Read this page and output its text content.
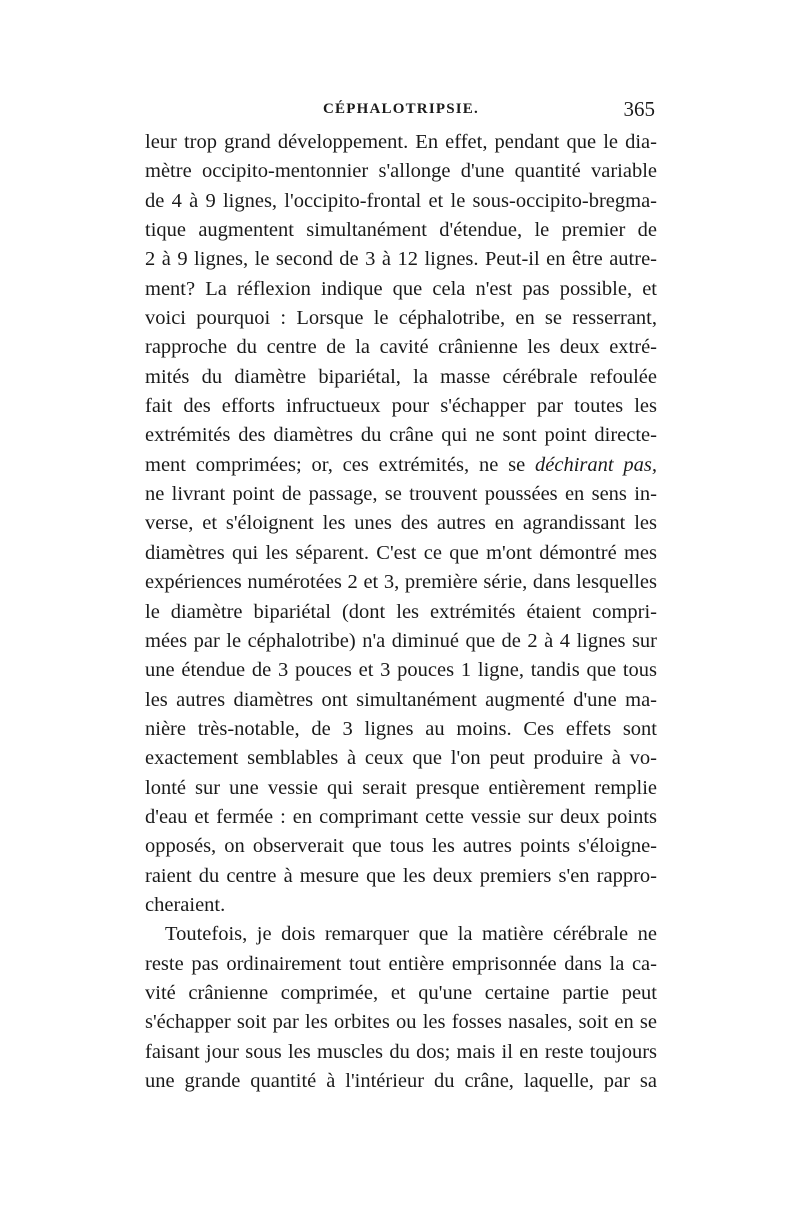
CÉPHALOTRIPSIE.	365
leur trop grand développement. En effet, pendant que le dia-
mètre occipito-mentonnier s'allonge d'une quantité variable
de 4 à 9 lignes, l'occipito-frontal et le sous-occipito-bregma-
tique augmentent simultanément d'étendue, le premier de
2 à 9 lignes, le second de 3 à 12 lignes. Peut-il en être autre-
ment? La réflexion indique que cela n'est pas possible, et
voici pourquoi : Lorsque le céphalotribe, en se resserrant,
rapproche du centre de la cavité crânienne les deux extré-
mités du diamètre bipariétal, la masse cérébrale refoulée
fait des efforts infructueux pour s'échapper par toutes les
extrémités des diamètres du crâne qui ne sont point directe-
ment comprimées; or, ces extrémités, ne se déchirant pas,
ne livrant point de passage, se trouvent poussées en sens in-
verse, et s'éloignent les unes des autres en agrandissant les
diamètres qui les séparent. C'est ce que m'ont démontré mes
expériences numérotées 2 et 3, première série, dans lesquelles
le diamètre bipariétal (dont les extrémités étaient compri-
mées par le céphalotribe) n'a diminué que de 2 à 4 lignes sur
une étendue de 3 pouces et 3 pouces 1 ligne, tandis que tous
les autres diamètres ont simultanément augmenté d'une ma-
nière très-notable, de 3 lignes au moins. Ces effets sont
exactement semblables à ceux que l'on peut produire à vo-
lonté sur une vessie qui serait presque entièrement remplie
d'eau et fermée : en comprimant cette vessie sur deux points
opposés, on observerait que tous les autres points s'éloigne-
raient du centre à mesure que les deux premiers s'en rappro-
cheraient.
Toutefois, je dois remarquer que la matière cérébrale ne
reste pas ordinairement tout entière emprisonnée dans la ca-
vité crânienne comprimée, et qu'une certaine partie peut
s'échapper soit par les orbites ou les fosses nasales, soit en se
faisant jour sous les muscles du dos; mais il en reste toujours
une grande quantité à l'intérieur du crâne, laquelle, par sa
